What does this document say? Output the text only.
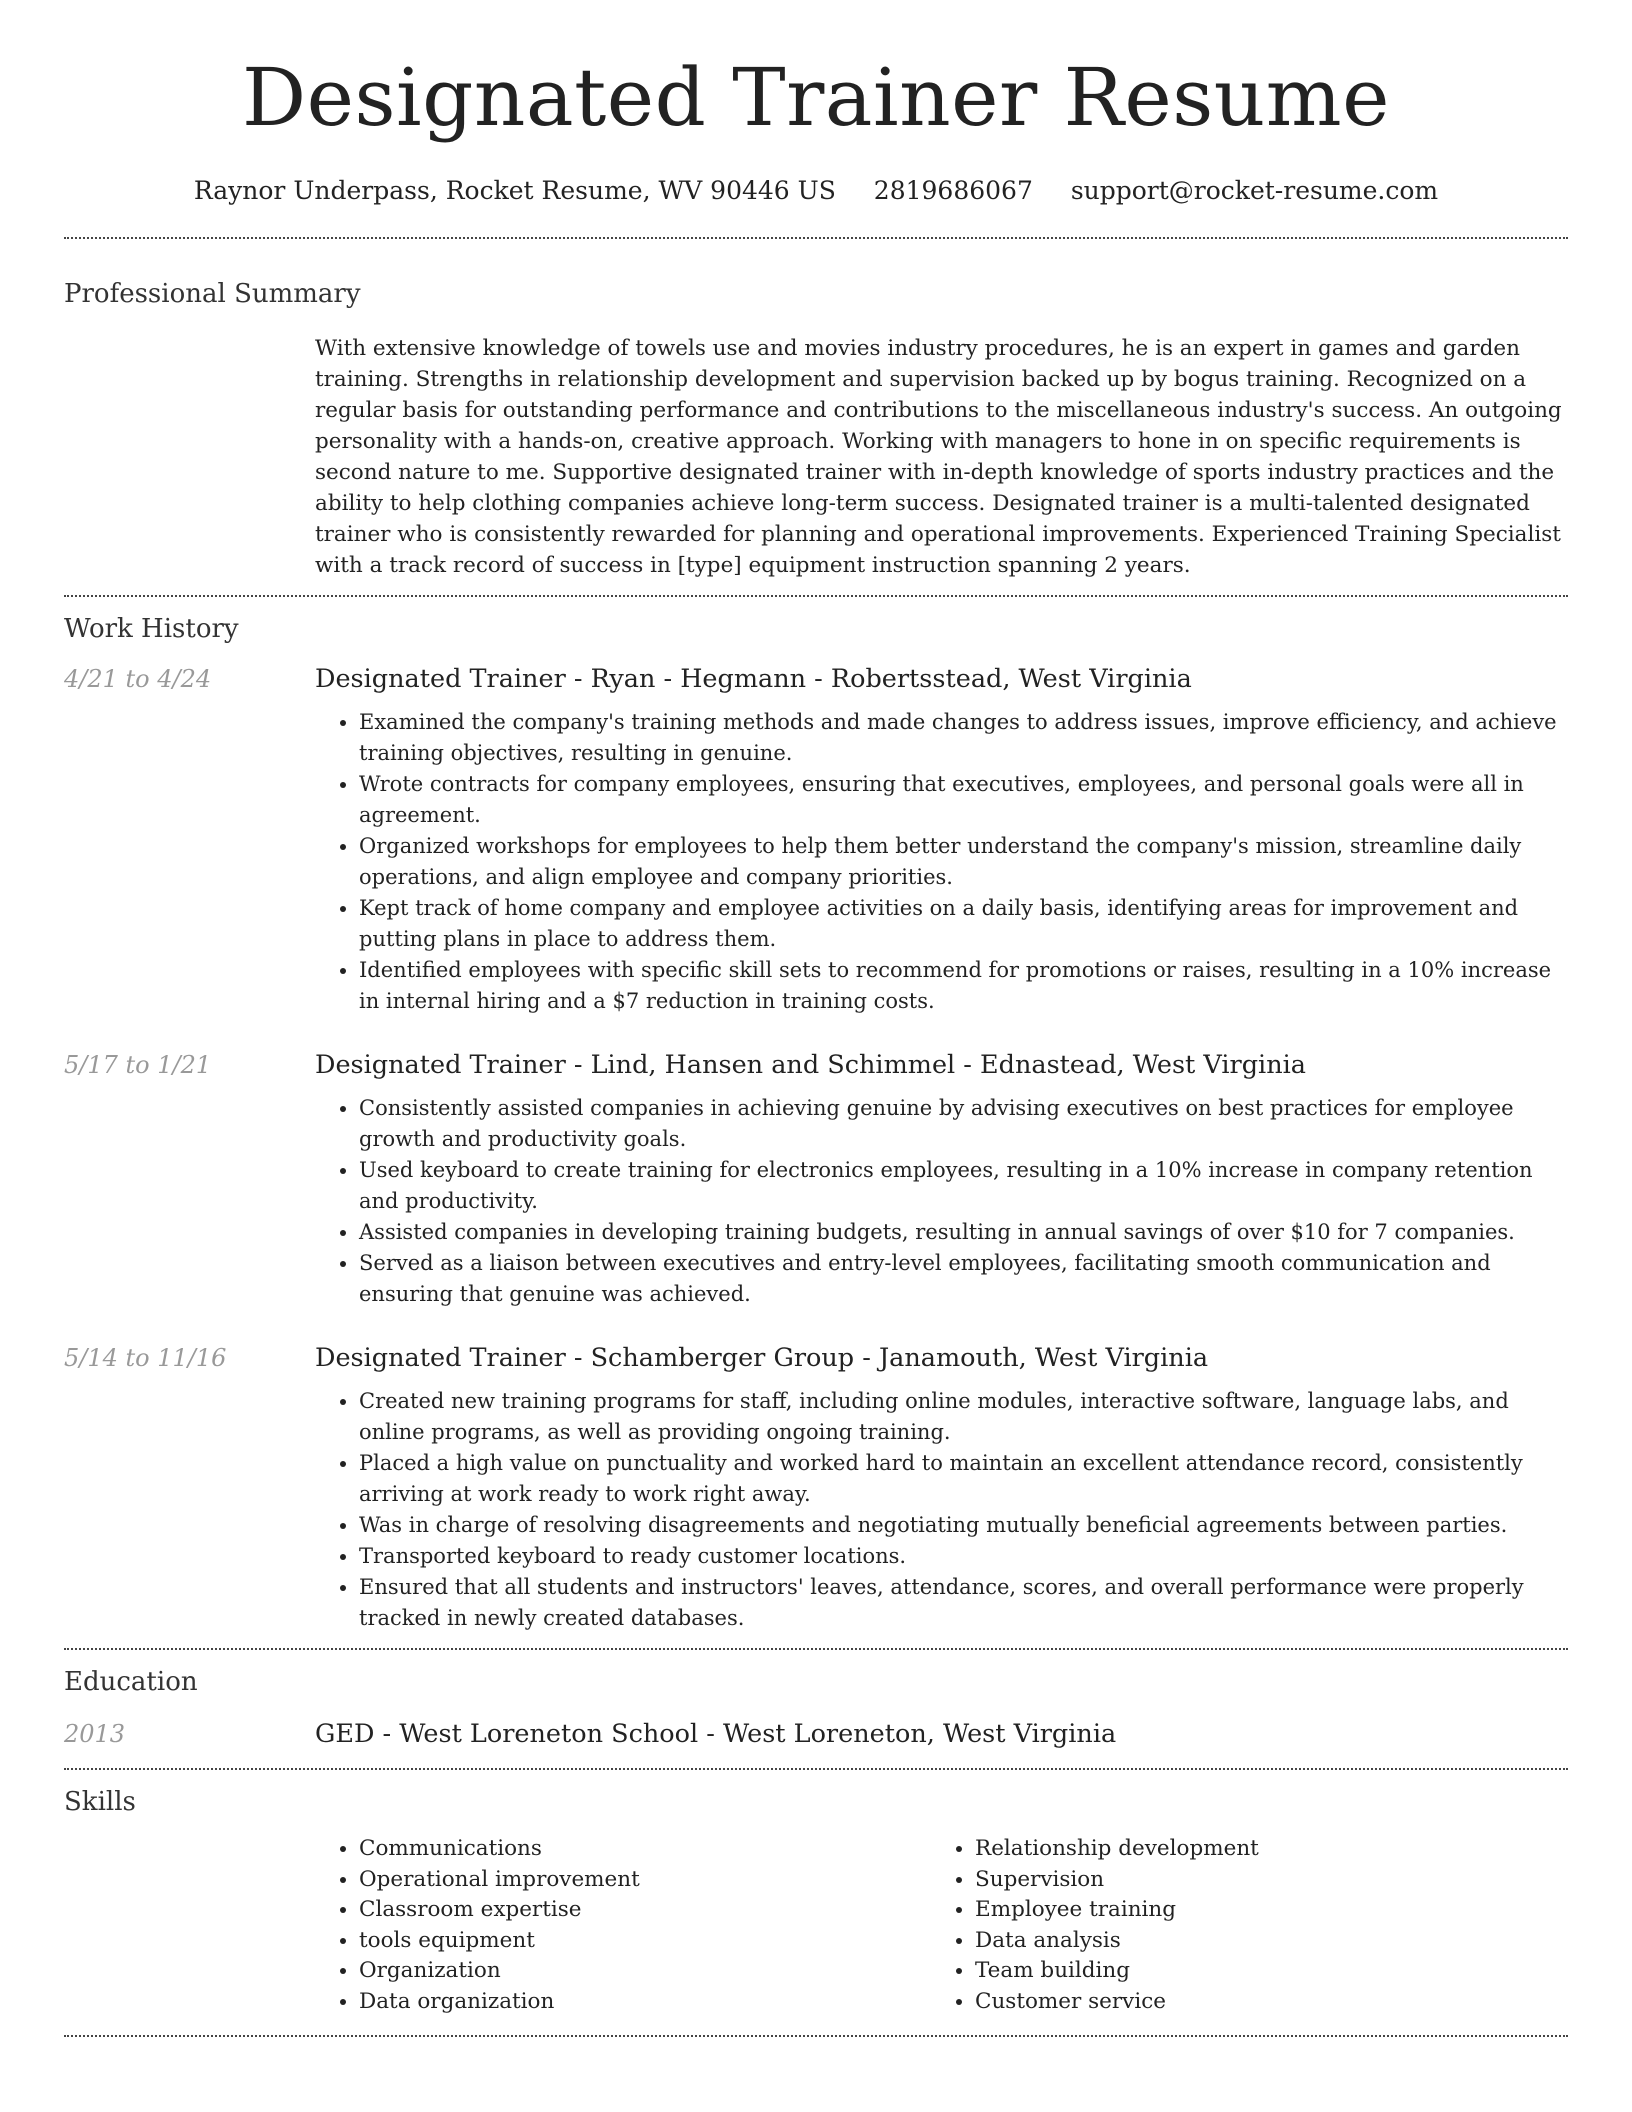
Designated Trainer Resume
Raynor Underpass, Rocket Resume, WV 90446 US 2819686067 support@rocket-resume.com
Professional Summary

With extensive knowledge of towels use and movies industry procedures, he is an expert in games and garden training. Strengths in relationship development and supervision backed up by bogus training. Recognized on a regular basis for outstanding performance and contributions to the miscellaneous industry's success. An outgoing personality with a hands-on, creative approach. Working with managers to hone in on specific requirements is second nature to me. Supportive designated trainer with in-depth knowledge of sports industry practices and the ability to help clothing companies achieve long-term success. Designated trainer is a multi-talented designated trainer who is consistently rewarded for planning and operational improvements. Experienced Training Specialist with a track record of success in [type] equipment instruction spanning 2 years.

Work History
4/21 to 4/24	Designated Trainer - Ryan - Hegmann - Robertsstead, West Virginia
• Examined the company's training methods and made changes to address issues, improve efficiency, and achieve training objectives, resulting in genuine.
• Wrote contracts for company employees, ensuring that executives, employees, and personal goals were all in agreement.
• Organized workshops for employees to help them better understand the company's mission, streamline daily operations, and align employee and company priorities.
• Kept track of home company and employee activities on a daily basis, identifying areas for improvement and putting plans in place to address them.
• Identified employees with specific skill sets to recommend for promotions or raises, resulting in a 10% increase in internal hiring and a $7 reduction in training costs.
5/17 to 1/21	Designated Trainer - Lind, Hansen and Schimmel - Ednastead, West Virginia
• Consistently assisted companies in achieving genuine by advising executives on best practices for employee growth and productivity goals.
• Used keyboard to create training for electronics employees, resulting in a 10% increase in company retention and productivity.
• Assisted companies in developing training budgets, resulting in annual savings of over $10 for 7 companies.
• Served as a liaison between executives and entry-level employees, facilitating smooth communication and ensuring that genuine was achieved.
5/14 to 11/16	Designated Trainer - Schamberger Group - Janamouth, West Virginia
• Created new training programs for staff, including online modules, interactive software, language labs, and online programs, as well as providing ongoing training.
• Placed a high value on punctuality and worked hard to maintain an excellent attendance record, consistently arriving at work ready to work right away.
• Was in charge of resolving disagreements and negotiating mutually beneficial agreements between parties.
• Transported keyboard to ready customer locations.
• Ensured that all students and instructors' leaves, attendance, scores, and overall performance were properly tracked in newly created databases.
Education
2013	GED - West Loreneton School - West Loreneton, West Virginia
Skills
• Communications
• Operational improvement
• Classroom expertise
• tools equipment
• Organization
• Data organization
• Relationship development
• Supervision
• Employee training
• Data analysis
• Team building
• Customer service
